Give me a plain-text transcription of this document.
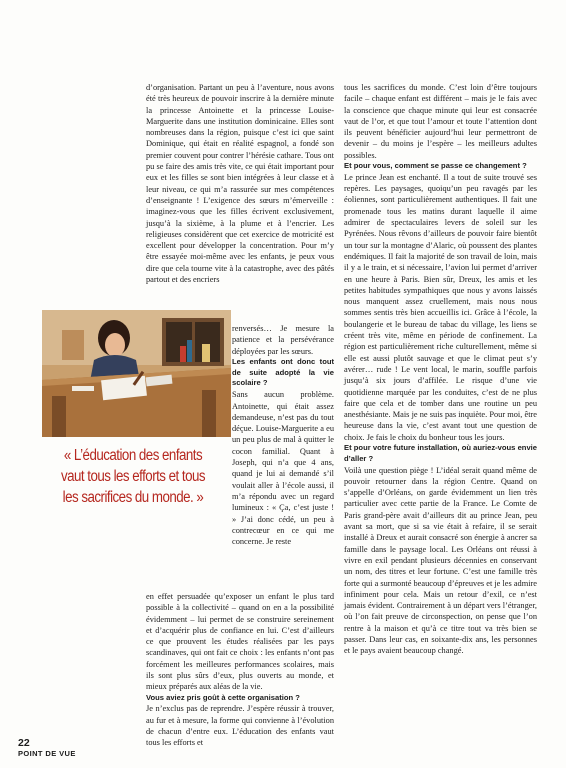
d’organisation. Partant un peu à l’aventure, nous avons été très heureux de pouvoir inscrire à la dernière minute la princesse Antoinette et la princesse Louise-Marguerite dans une institution dominicaine. Elles sont nombreuses dans la région, puisque c’est ici que saint Dominique, qui était en réalité espagnol, a fondé son premier couvent pour contrer l’hérésie cathare. Tous ont pu se faire des amis très vite, ce qui était important pour eux et les filles se sont bien intégrées à leur classe et à leur niveau, ce qui m’a rassurée sur mes compétences d’enseignante ! L’exigence des sœurs m’émerveille : imaginez-vous que les filles écrivent exclusivement, jusqu’à la sixième, à la plume et à l’encrier. Les religieuses considèrent que cet exercice de motricité est excellent pour développer la concentration. Pour m’y être essayée moi-même avec les enfants, je peux vous dire que cela tourne vite à la catastrophe, avec des pâtés partout et des encriers

renversés… Je mesure la patience et la persévérance déployées par les sœurs.

Les enfants ont donc tout de suite adopté la vie scolaire ?

Sans aucun problème. Antoinette, qui était assez demandeuse, n’est pas du tout déçue. Louise-Marguerite a eu un peu plus de mal à quitter le cocon familial. Quant à Joseph, qui n’a que 4 ans, quand je lui ai demandé s’il voulait aller à l’école aussi, il m’a répondu avec un regard lumineux : « Ça, c’est juste ! » J’ai donc cédé, un peu à contrecœur en ce qui me concerne. Je reste

« L’éducation des enfants vaut tous les efforts et tous les sacrifices du monde. »

en effet persuadée qu’exposer un enfant le plus tard possible à la collectivité – quand on en a la possibilité évidemment – lui permet de se construire sereinement et d’acquérir plus de confiance en lui. C’est d’ailleurs ce que prouvent les études réalisées par les pays scandinaves, qui ont fait ce choix : les enfants n’ont pas forcément les meilleures performances scolaires, mais ils sont plus sûrs d’eux, plus ouverts au monde, et mieux préparés aux aléas de la vie.

Vous aviez pris goût à cette organisation ?

Je n’exclus pas de reprendre. J’espère réussir à trouver, au fur et à mesure, la forme qui convienne à l’évolution de chacun d’entre eux. L’éducation des enfants vaut tous les efforts et

tous les sacrifices du monde. C’est loin d’être toujours facile – chaque enfant est différent – mais je le fais avec la conscience que chaque minute qui leur est consacrée vaut de l’or, et que tout l’amour et toute l’attention dont ils peuvent bénéficier aujourd’hui leur permettront de devenir – du moins je l’espère – les meilleurs adultes possibles.

Et pour vous, comment se passe ce changement ?

Le prince Jean est enchanté. Il a tout de suite trouvé ses repères. Les paysages, quoiqu’un peu ravagés par les éoliennes, sont particulièrement authentiques. Il fait une promenade tous les matins durant laquelle il aime admirer de spectaculaires levers de soleil sur les Pyrénées. Nous rêvons d’ailleurs de pouvoir faire bientôt un tour sur la montagne d’Alaric, où poussent des plantes endémiques. Il fait la majorité de son travail de loin, mais il y a le train, et si nécessaire, l’avion lui permet d’arriver en une heure à Paris. Bien sûr, Dreux, les amis et les petites habitudes sympathiques que nous y avons laissés nous manquent assez cruellement, mais nous nous sommes sentis très bien accueillis ici. Grâce à l’école, la boulangerie et le bureau de tabac du village, les liens se créent très vite, même en période de confinement. La région est particulièrement riche culturellement, même si elle est aussi plutôt sauvage et que le climat peut s’y avérer… rude ! Le vent local, le marin, souffle parfois jusqu’à six jours d’affilée. Le risque d’une vie quotidienne marquée par les conduites, c’est de ne plus faire que cela et de tomber dans une routine un peu anesthésiante. Mais je ne suis pas inquiète. Pour moi, être heureuse dans la vie, c’est avant tout une question de choix. Je fais le choix du bonheur tous les jours.

Et pour votre future installation, où auriez-vous envie d’aller ?

Voilà une question piège ! L’idéal serait quand même de pouvoir retourner dans la région Centre. Quand on s’appelle d’Orléans, on garde évidemment un lien très particulier avec cette partie de la France. Le Comte de Paris grand-père avait d’ailleurs dit au prince Jean, peu avant sa mort, que si sa vie était à refaire, il se serait installé à Dreux et aurait consacré son énergie à ancrer sa famille dans le paysage local. Les Orléans ont réussi à vivre en exil pendant plusieurs décennies en conservant un nom, des titres et leur fortune. C’est une famille très forte qui a surmonté beaucoup d’épreuves et je les admire infiniment pour cela. Mais un retour d’exil, ce n’est jamais évident. Contrairement à un départ vers l’étranger, où l’on fait preuve de circonspection, on pense que l’on rentre à la maison et qu’à ce titre tout va très bien se passer. Dans leur cas, en soixante-dix ans, les personnes et le pays avaient beaucoup changé.

22
POINT DE VUE
